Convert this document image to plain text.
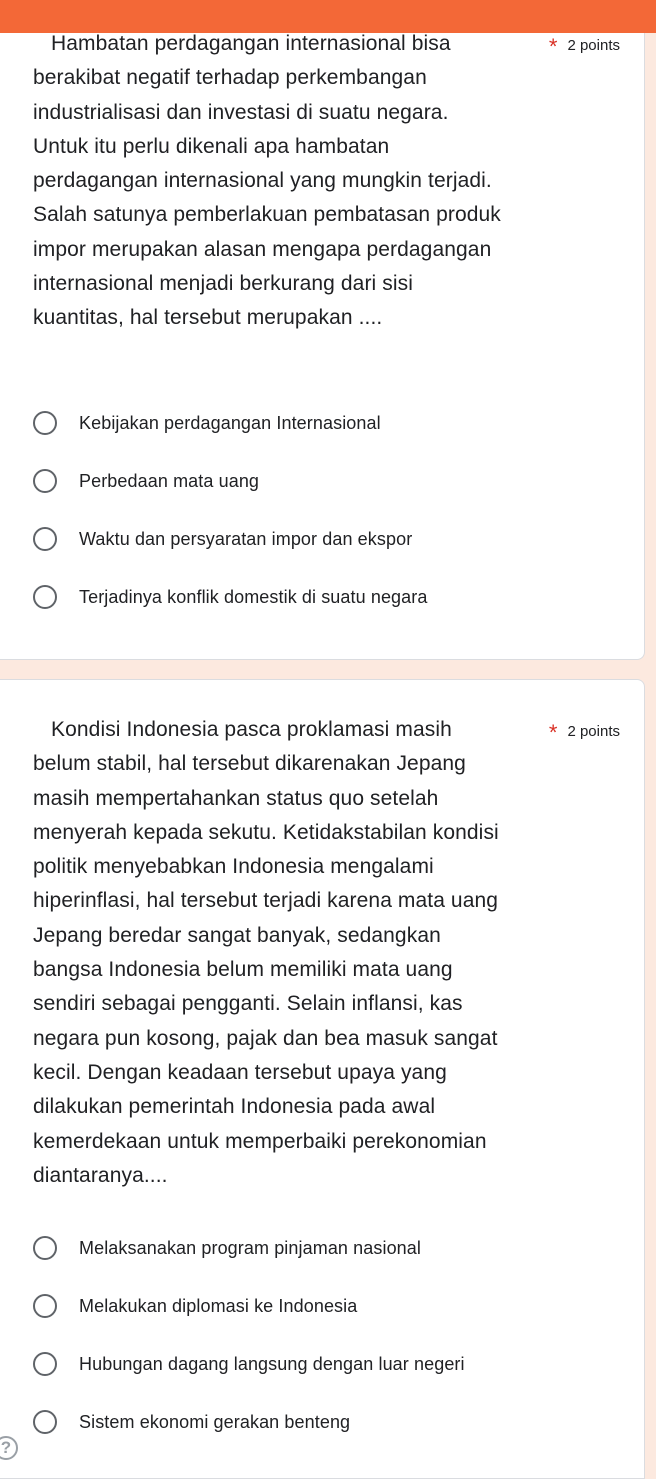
Hambatan perdagangan internasional bisa berakibat negatif terhadap perkembangan industrialisasi dan investasi di suatu negara. Untuk itu perlu dikenali apa hambatan perdagangan internasional yang mungkin terjadi. Salah satunya pemberlakuan pembatasan produk impor merupakan alasan mengapa perdagangan internasional menjadi berkurang dari sisi kuantitas, hal tersebut merupakan ....
* 2 points
Kebijakan perdagangan Internasional
Perbedaan mata uang
Waktu dan persyaratan impor dan ekspor
Terjadinya konflik domestik di suatu negara
Kondisi Indonesia pasca proklamasi masih belum stabil, hal tersebut dikarenakan Jepang masih mempertahankan status quo setelah menyerah kepada sekutu. Ketidakstabilan kondisi politik menyebabkan Indonesia mengalami hiperinflasi, hal tersebut terjadi karena mata uang Jepang beredar sangat banyak, sedangkan bangsa Indonesia belum memiliki mata uang sendiri sebagai pengganti. Selain inflansi, kas negara pun kosong, pajak dan bea masuk sangat kecil. Dengan keadaan tersebut upaya yang dilakukan pemerintah Indonesia pada awal kemerdekaan untuk memperbaiki perekonomian diantaranya....
* 2 points
Melaksanakan program pinjaman nasional
Melakukan diplomasi ke Indonesia
Hubungan dagang langsung dengan luar negeri
Sistem ekonomi gerakan benteng
?
